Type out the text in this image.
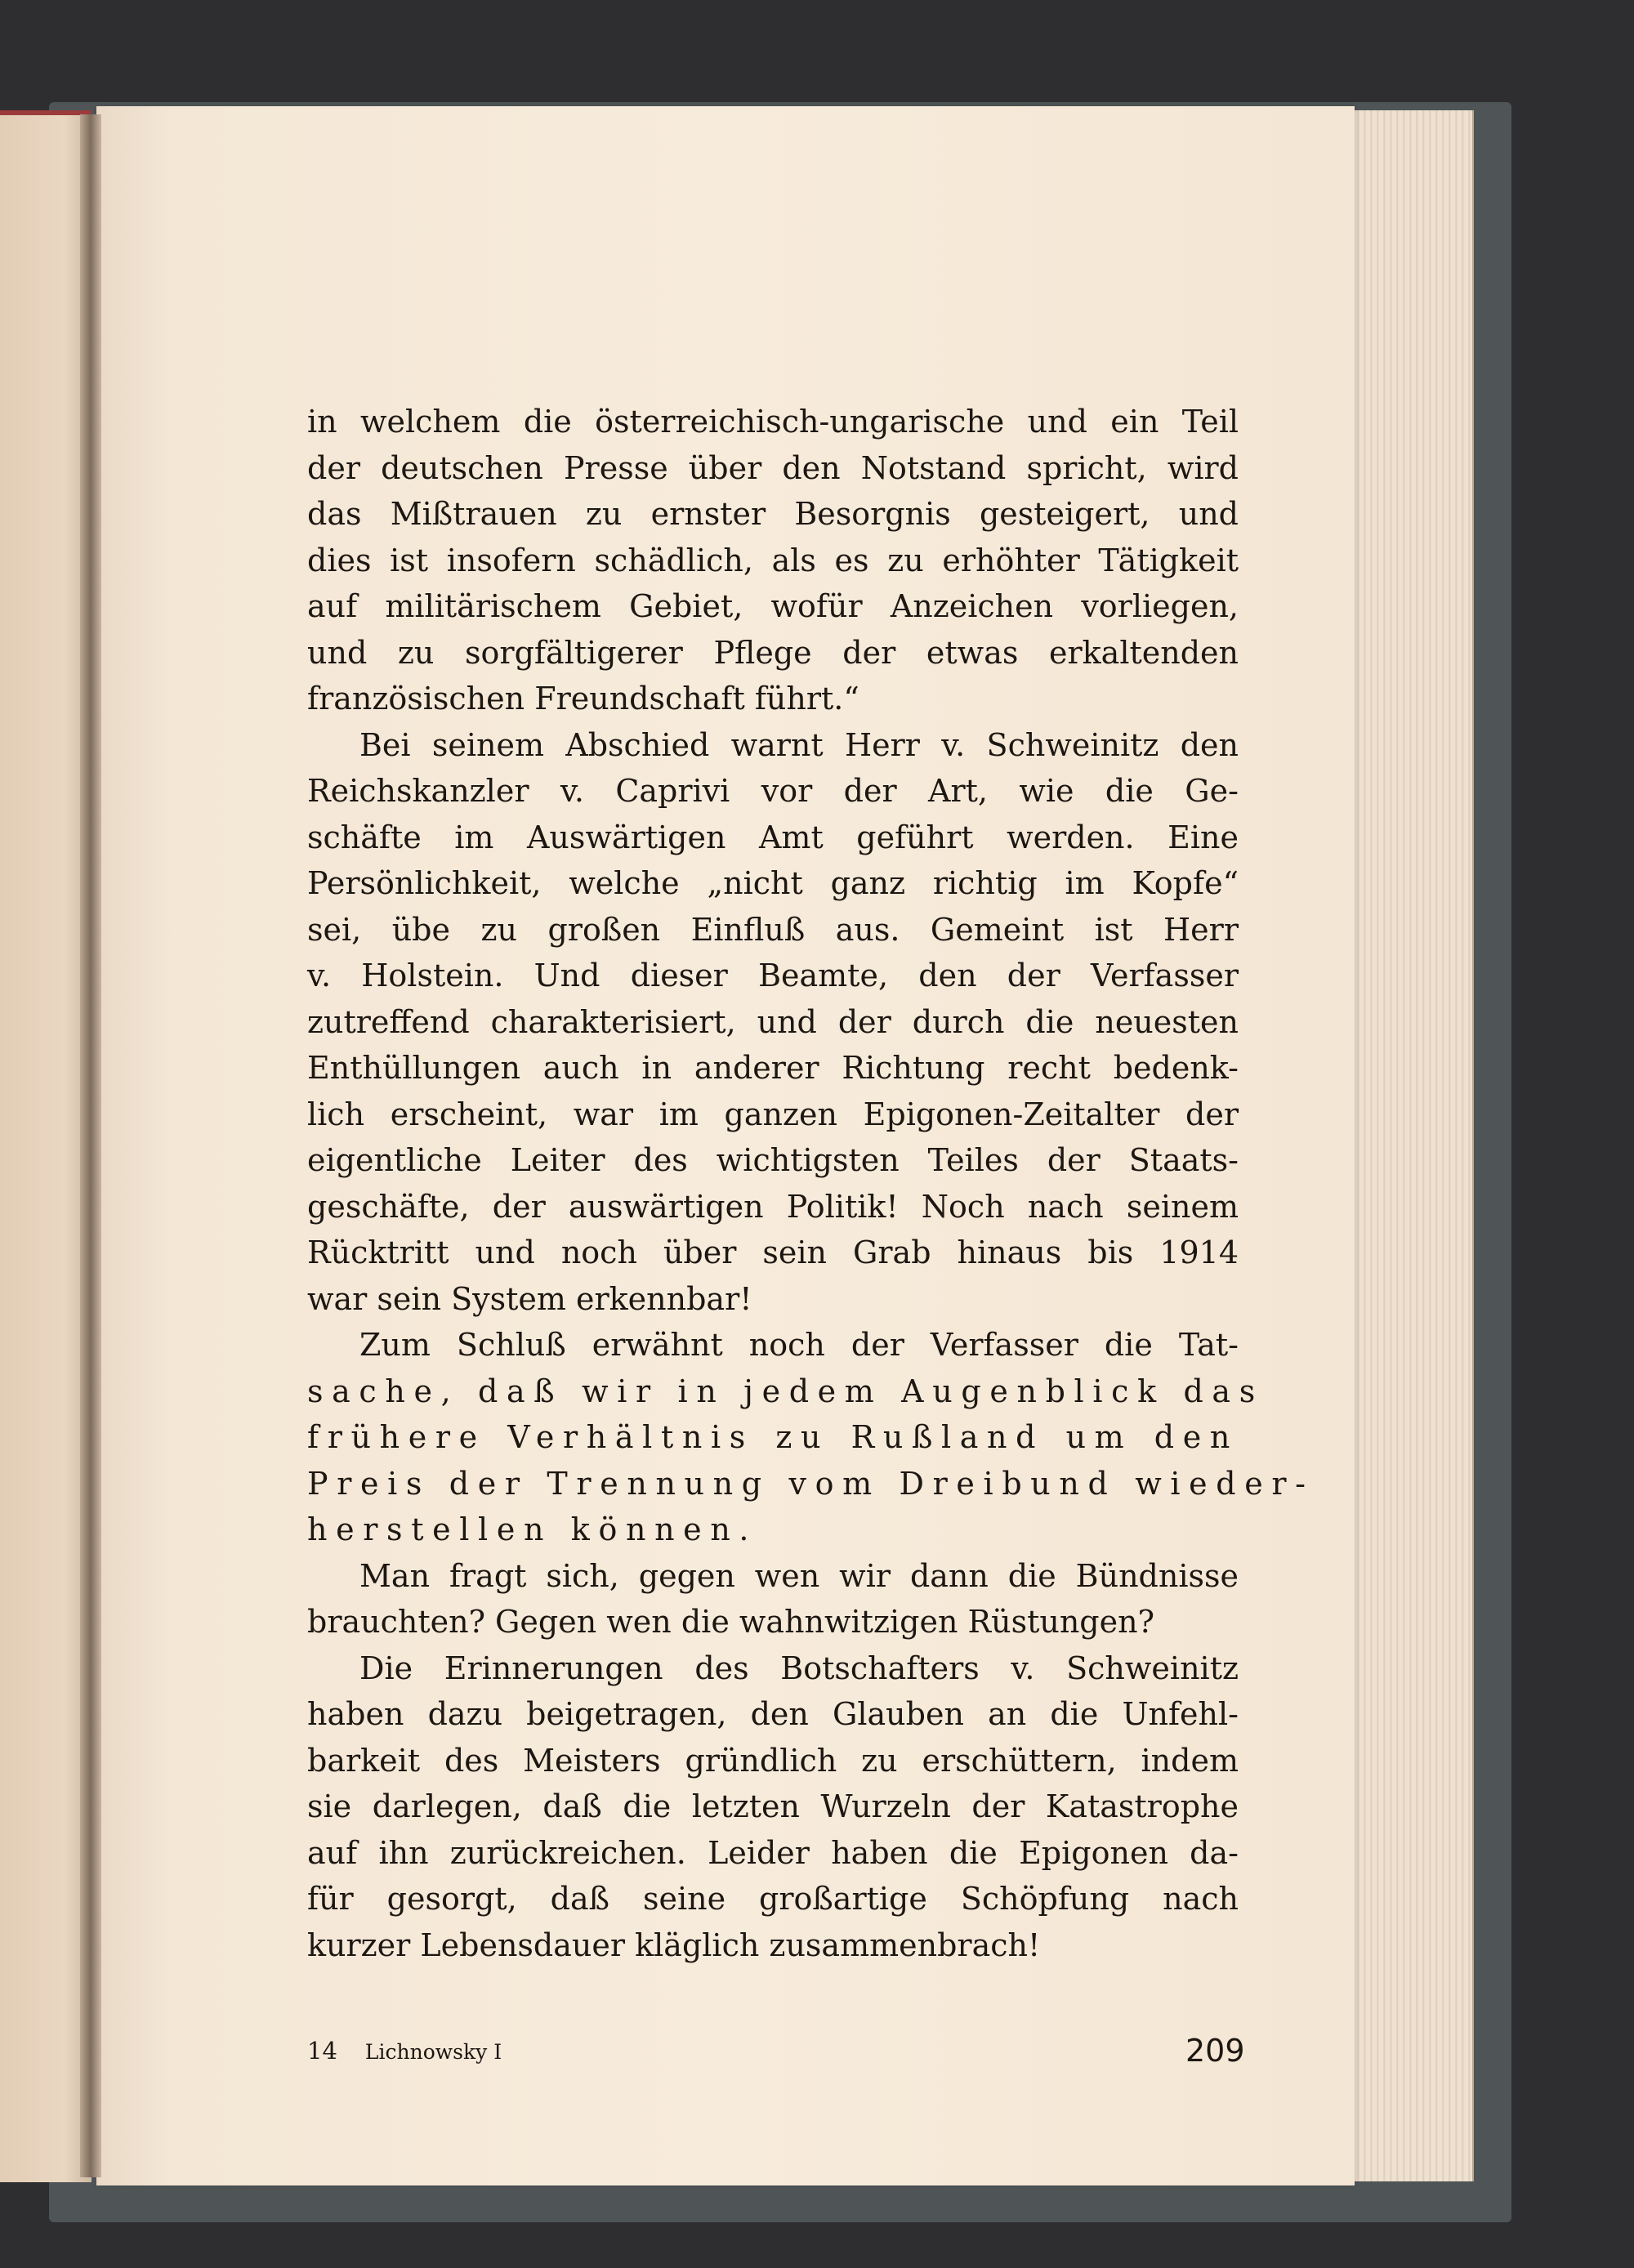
in welchem die österreichisch-ungarische und ein Teil
der deutschen Presse über den Notstand spricht, wird
das Mißtrauen zu ernster Besorgnis gesteigert, und
dies ist insofern schädlich, als es zu erhöhter Tätigkeit
auf militärischem Gebiet, wofür Anzeichen vorliegen,
und zu sorgfältigerer Pflege der etwas erkaltenden
französischen Freundschaft führt.“
Bei seinem Abschied warnt Herr v. Schweinitz den
Reichskanzler v. Caprivi vor der Art, wie die Ge-
schäfte im Auswärtigen Amt geführt werden. Eine
Persönlichkeit, welche „nicht ganz richtig im Kopfe“
sei, übe zu großen Einfluß aus. Gemeint ist Herr
v. Holstein. Und dieser Beamte, den der Verfasser
zutreffend charakterisiert, und der durch die neuesten
Enthüllungen auch in anderer Richtung recht bedenk-
lich erscheint, war im ganzen Epigonen-Zeitalter der
eigentliche Leiter des wichtigsten Teiles der Staats-
geschäfte, der auswärtigen Politik! Noch nach seinem
Rücktritt und noch über sein Grab hinaus bis 1914
war sein System erkennbar!
Zum Schluß erwähnt noch der Verfasser die Tat-
sache, daß wir in jedem Augenblick das
frühere Verhältnis zu Rußland um den
Preis der Trennung vom Dreibund wieder-
herstellen können.
Man fragt sich, gegen wen wir dann die Bündnisse
brauchten? Gegen wen die wahnwitzigen Rüstungen?
Die Erinnerungen des Botschafters v. Schweinitz
haben dazu beigetragen, den Glauben an die Unfehl-
barkeit des Meisters gründlich zu erschüttern, indem
sie darlegen, daß die letzten Wurzeln der Katastrophe
auf ihn zurückreichen. Leider haben die Epigonen da-
für gesorgt, daß seine großartige Schöpfung nach
kurzer Lebensdauer kläglich zusammenbrach!
14 Lichnowsky I	209
